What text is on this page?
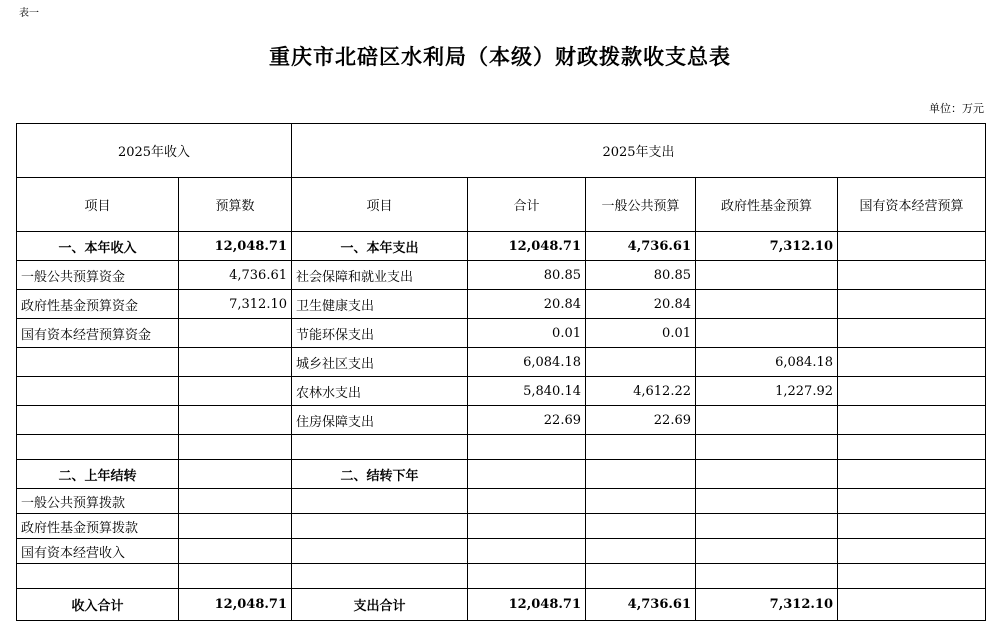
表一
重庆市北碚区水利局（本级）财政拨款收支总表
单位：万元
2025年收入		2025年支出				
项目	预算数	项目	合计	一般公共预算	政府性基金预算	国有资本经营预算
一、本年收入	12,048.71	一、本年支出	12,048.71	4,736.61	7,312.10	
一般公共预算资金	4,736.61	社会保障和就业支出	80.85	80.85		
政府性基金预算资金	7,312.10	卫生健康支出	20.84	20.84		
国有资本经营预算资金		节能环保支出	0.01	0.01		
		城乡社区支出	6,084.18		6,084.18	
		农林水支出	5,840.14	4,612.22	1,227.92	
		住房保障支出	22.69	22.69		

二、上年结转		二、结转下年				
一般公共预算拨款						
政府性基金预算拨款						
国有资本经营收入						

收入合计	12,048.71	支出合计	12,048.71	4,736.61	7,312.10	
